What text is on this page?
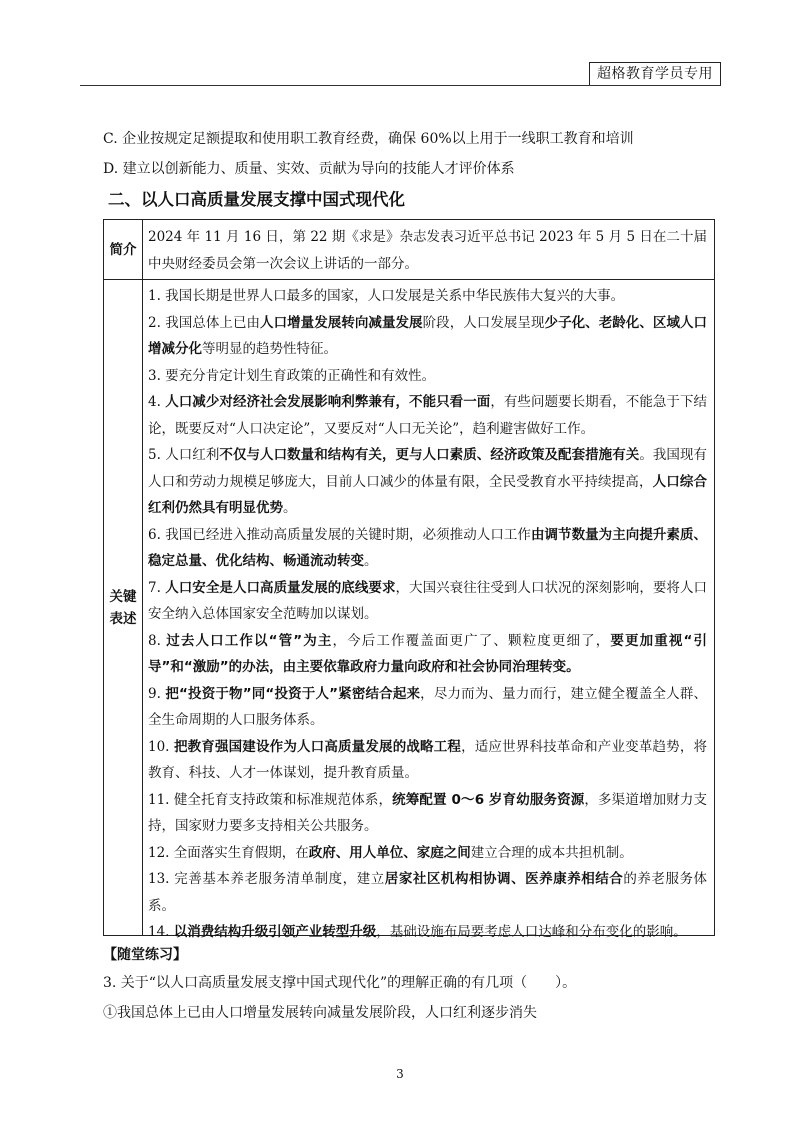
超格教育学员专用
C. 企业按规定足额提取和使用职工教育经费，确保 60%以上用于一线职工教育和培训
D. 建立以创新能力、质量、实效、贡献为导向的技能人才评价体系
二、以人口高质量发展支撑中国式现代化
简介

2024 年 11 月 16 日，第 22 期《求是》杂志发表习近平总书记 2023 年 5 月 5 日在二十届中央财经委员会第一次会议上讲话的一部分。

关键表述

1. 我国长期是世界人口最多的国家，人口发展是关系中华民族伟大复兴的大事。

2. 我国总体上已由人口增量发展转向减量发展阶段，人口发展呈现少子化、老龄化、区域人口增减分化等明显的趋势性特征。

3. 要充分肯定计划生育政策的正确性和有效性。

4. 人口减少对经济社会发展影响利弊兼有，不能只看一面，有些问题要长期看，不能急于下结论，既要反对“人口决定论”，又要反对“人口无关论”，趋利避害做好工作。

5. 人口红利不仅与人口数量和结构有关，更与人口素质、经济政策及配套措施有关。我国现有人口和劳动力规模足够庞大，目前人口减少的体量有限，全民受教育水平持续提高，人口综合红利仍然具有明显优势。

6. 我国已经进入推动高质量发展的关键时期，必须推动人口工作由调节数量为主向提升素质、稳定总量、优化结构、畅通流动转变。

7. 人口安全是人口高质量发展的底线要求，大国兴衰往往受到人口状况的深刻影响，要将人口安全纳入总体国家安全范畴加以谋划。

8. 过去人口工作以“管”为主，今后工作覆盖面更广了、颗粒度更细了，要更加重视“引导”和“激励”的办法，由主要依靠政府力量向政府和社会协同治理转变。

9. 把“投资于物”同“投资于人”紧密结合起来，尽力而为、量力而行，建立健全覆盖全人群、全生命周期的人口服务体系。

10. 把教育强国建设作为人口高质量发展的战略工程，适应世界科技革命和产业变革趋势，将教育、科技、人才一体谋划，提升教育质量。

11. 健全托育支持政策和标准规范体系，统筹配置 0～6 岁育幼服务资源，多渠道增加财力支持，国家财力要多支持相关公共服务。

12. 全面落实生育假期，在政府、用人单位、家庭之间建立合理的成本共担机制。

13. 完善基本养老服务清单制度，建立居家社区机构相协调、医养康养相结合的养老服务体系。

14. 以消费结构升级引领产业转型升级，基础设施布局要考虑人口达峰和分布变化的影响。

【随堂练习】
3. 关于“以人口高质量发展支撑中国式现代化”的理解正确的有几项（　　）。
①我国总体上已由人口增量发展转向减量发展阶段，人口红利逐步消失
3
